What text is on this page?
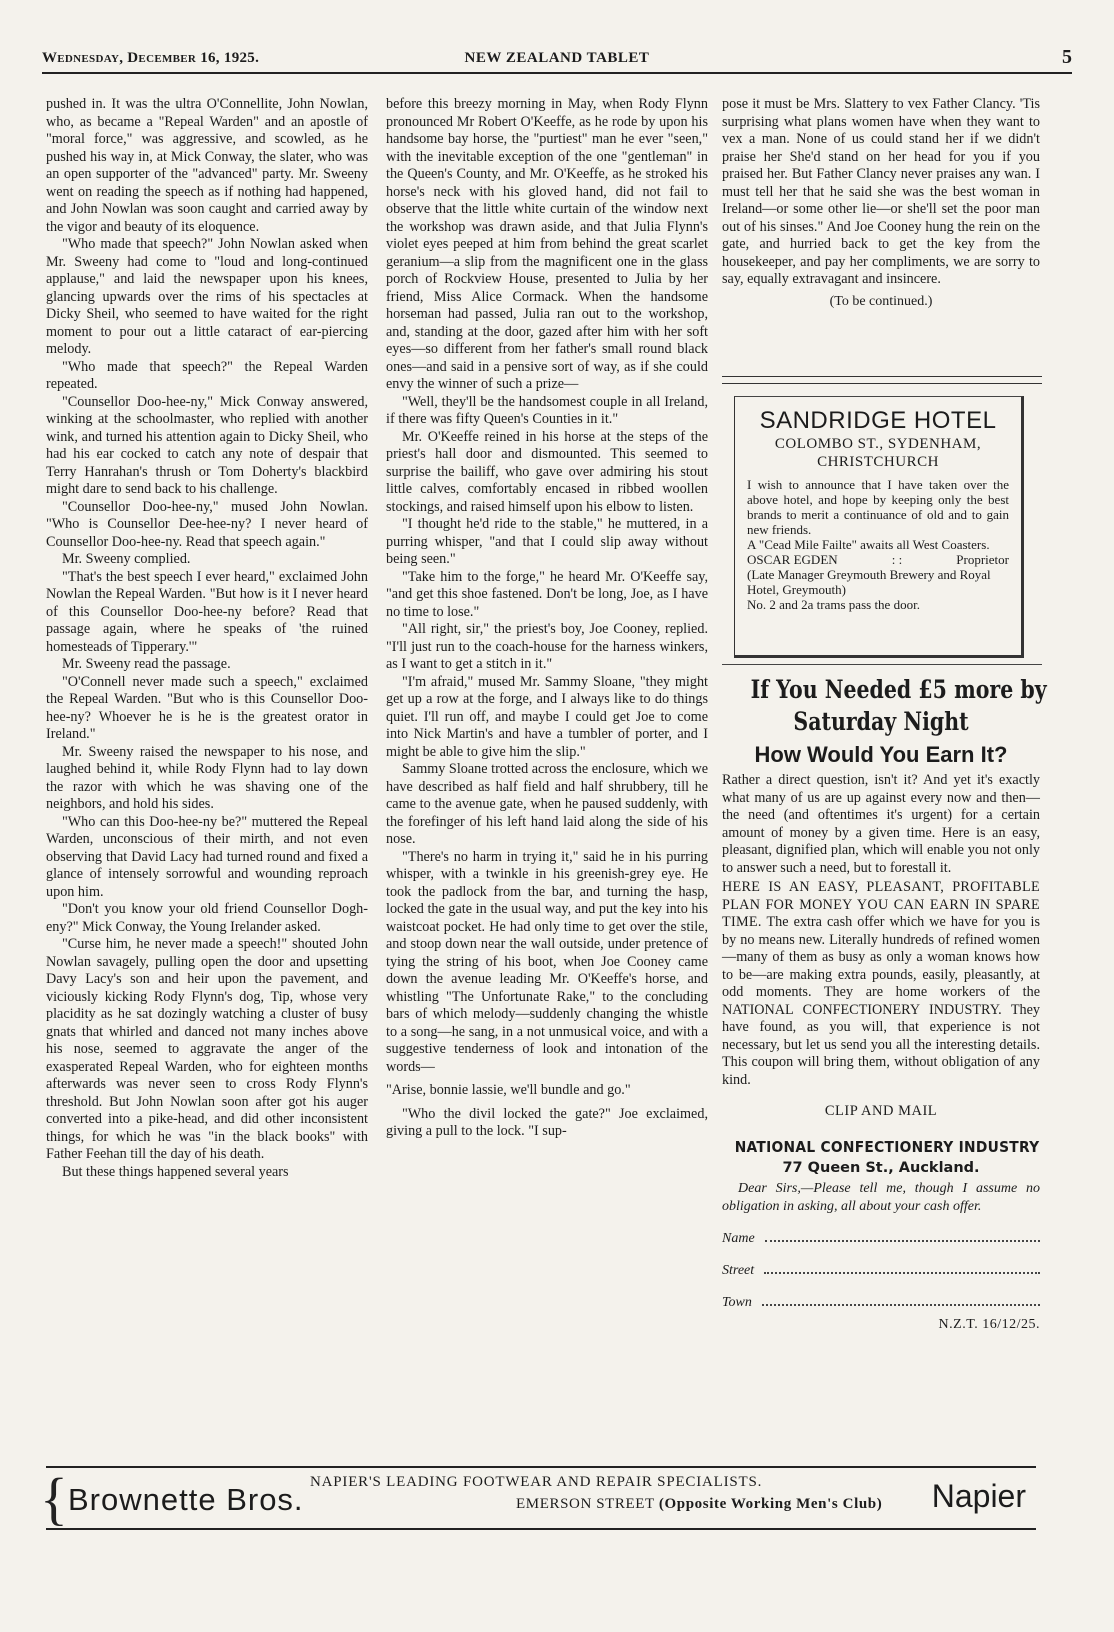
Wednesday, December 16, 1925.	NEW ZEALAND TABLET	5

pushed in. It was the ultra O'Connellite, John Nowlan, who, as became a "Repeal Warden" and an apostle of "moral force," was aggressive, and scowled, as he pushed his way in, at Mick Conway, the slater, who was an open supporter of the "advanced" party. Mr. Sweeny went on reading the speech as if nothing had happened, and John Nowlan was soon caught and carried away by the vigor and beauty of its eloquence.

"Who made that speech?" John Nowlan asked when Mr. Sweeny had come to "loud and long-continued applause," and laid the newspaper upon his knees, glancing upwards over the rims of his spectacles at Dicky Sheil, who seemed to have waited for the right moment to pour out a little cataract of ear-piercing melody.

"Who made that speech?" the Repeal Warden repeated.

"Counsellor Doo-hee-ny," Mick Conway answered, winking at the schoolmaster, who replied with another wink, and turned his attention again to Dicky Sheil, who had his ear cocked to catch any note of despair that Terry Hanrahan's thrush or Tom Doherty's blackbird might dare to send back to his challenge.

"Counsellor Doo-hee-ny," mused John Nowlan. "Who is Counsellor Dee-hee-ny? I never heard of Counsellor Doo-hee-ny. Read that speech again."

Mr. Sweeny complied.

"That's the best speech I ever heard," exclaimed John Nowlan the Repeal Warden. "But how is it I never heard of this Counsellor Doo-hee-ny before? Read that passage again, where he speaks of 'the ruined homesteads of Tipperary.'"

Mr. Sweeny read the passage.

"O'Connell never made such a speech," exclaimed the Repeal Warden. "But who is this Counsellor Doo-hee-ny? Whoever he is he is the greatest orator in Ireland."

Mr. Sweeny raised the newspaper to his nose, and laughed behind it, while Rody Flynn had to lay down the razor with which he was shaving one of the neighbors, and hold his sides.

"Who can this Doo-hee-ny be?" muttered the Repeal Warden, unconscious of their mirth, and not even observing that David Lacy had turned round and fixed a glance of intensely sorrowful and wounding reproach upon him.

"Don't you know your old friend Counsellor Dogh-eny?" Mick Conway, the Young Irelander asked.

"Curse him, he never made a speech!" shouted John Nowlan savagely, pulling open the door and upsetting Davy Lacy's son and heir upon the pavement, and viciously kicking Rody Flynn's dog, Tip, whose very placidity as he sat dozingly watching a cluster of busy gnats that whirled and danced not many inches above his nose, seemed to aggravate the anger of the exasperated Repeal Warden, who for eighteen months afterwards was never seen to cross Rody Flynn's threshold. But John Nowlan soon after got his auger converted into a pike-head, and did other inconsistent things, for which he was "in the black books" with Father Feehan till the day of his death.

But these things happened several years

before this breezy morning in May, when Rody Flynn pronounced Mr Robert O'Keeffe, as he rode by upon his handsome bay horse, the "purtiest" man he ever "seen," with the inevitable exception of the one "gentleman" in the Queen's County, and Mr. O'Keeffe, as he stroked his horse's neck with his gloved hand, did not fail to observe that the little white curtain of the window next the workshop was drawn aside, and that Julia Flynn's violet eyes peeped at him from behind the great scarlet geranium—a slip from the magnificent one in the glass porch of Rockview House, presented to Julia by her friend, Miss Alice Cormack. When the handsome horseman had passed, Julia ran out to the workshop, and, standing at the door, gazed after him with her soft eyes—so different from her father's small round black ones—and said in a pensive sort of way, as if she could envy the winner of such a prize—

"Well, they'll be the handsomest couple in all Ireland, if there was fifty Queen's Counties in it."

Mr. O'Keeffe reined in his horse at the steps of the priest's hall door and dismounted. This seemed to surprise the bailiff, who gave over admiring his stout little calves, comfortably encased in ribbed woollen stockings, and raised himself upon his elbow to listen.

"I thought he'd ride to the stable," he muttered, in a purring whisper, "and that I could slip away without being seen."

"Take him to the forge," he heard Mr. O'Keeffe say, "and get this shoe fastened. Don't be long, Joe, as I have no time to lose."

"All right, sir," the priest's boy, Joe Cooney, replied. "I'll just run to the coach-house for the harness winkers, as I want to get a stitch in it."

"I'm afraid," mused Mr. Sammy Sloane, "they might get up a row at the forge, and I always like to do things quiet. I'll run off, and maybe I could get Joe to come into Nick Martin's and have a tumbler of porter, and I might be able to give him the slip."

Sammy Sloane trotted across the enclosure, which we have described as half field and half shrubbery, till he came to the avenue gate, when he paused suddenly, with the forefinger of his left hand laid along the side of his nose.

"There's no harm in trying it," said he in his purring whisper, with a twinkle in his greenish-grey eye. He took the padlock from the bar, and turning the hasp, locked the gate in the usual way, and put the key into his waistcoat pocket. He had only time to get over the stile, and stoop down near the wall outside, under pretence of tying the string of his boot, when Joe Cooney came down the avenue leading Mr. O'Keeffe's horse, and whistling "The Unfortunate Rake," to the concluding bars of which melody—suddenly changing the whistle to a song—he sang, in a not unmusical voice, and with a suggestive tenderness of look and intonation of the words—

"Arise, bonnie lassie, we'll bundle and go."

"Who the divil locked the gate?" Joe exclaimed, giving a pull to the lock. "I sup-

pose it must be Mrs. Slattery to vex Father Clancy. 'Tis surprising what plans women have when they want to vex a man. None of us could stand her if we didn't praise her She'd stand on her head for you if you praised her. But Father Clancy never praises any wan. I must tell her that he said she was the best woman in Ireland—or some other lie—or she'll set the poor man out of his sinses." And Joe Cooney hung the rein on the gate, and hurried back to get the key from the housekeeper, and pay her compliments, we are sorry to say, equally extravagant and insincere.

(To be continued.)
SANDRIDGE HOTEL
COLOMBO ST., SYDENHAM,
CHRISTCHURCH
I wish to announce that I have taken over the above hotel, and hope by keeping only the best brands to merit a continuance of old and to gain new friends.
A "Cead Mile Failte" awaits all West Coasters.
OSCAR EGDEN	: :	Proprietor
(Late Manager Greymouth Brewery and Royal Hotel, Greymouth)
No. 2 and 2a trams pass the door.
If You Needed £5 more by
Saturday Night
How Would You Earn It?
Rather a direct question, isn't it? And yet it's exactly what many of us are up against every now and then—the need (and oftentimes it's urgent) for a certain amount of money by a given time. Here is an easy, pleasant, dignified plan, which will enable you not only to answer such a need, but to forestall it.
HERE IS AN EASY, PLEASANT, PROFITABLE PLAN FOR MONEY YOU CAN EARN IN SPARE TIME. The extra cash offer which we have for you is by no means new. Literally hundreds of refined women—many of them as busy as only a woman knows how to be—are making extra pounds, easily, pleasantly, at odd moments. They are home workers of the NATIONAL CONFECTIONERY INDUSTRY. They have found, as you will, that experience is not necessary, but let us send you all the interesting details. This coupon will bring them, without obligation of any kind.
CLIP AND MAIL
NATIONAL CONFECTIONERY INDUSTRY
77 Queen St., Auckland.
Dear Sirs,—Please tell me, though I assume no obligation in asking, all about your cash offer.
Name
Street
Town
N.Z.T. 16/12/25.
{ Brownette Bros. NAPIER'S LEADING FOOTWEAR AND REPAIR SPECIALISTS.
EMERSON STREET (Opposite Working Men's Club) Napier
